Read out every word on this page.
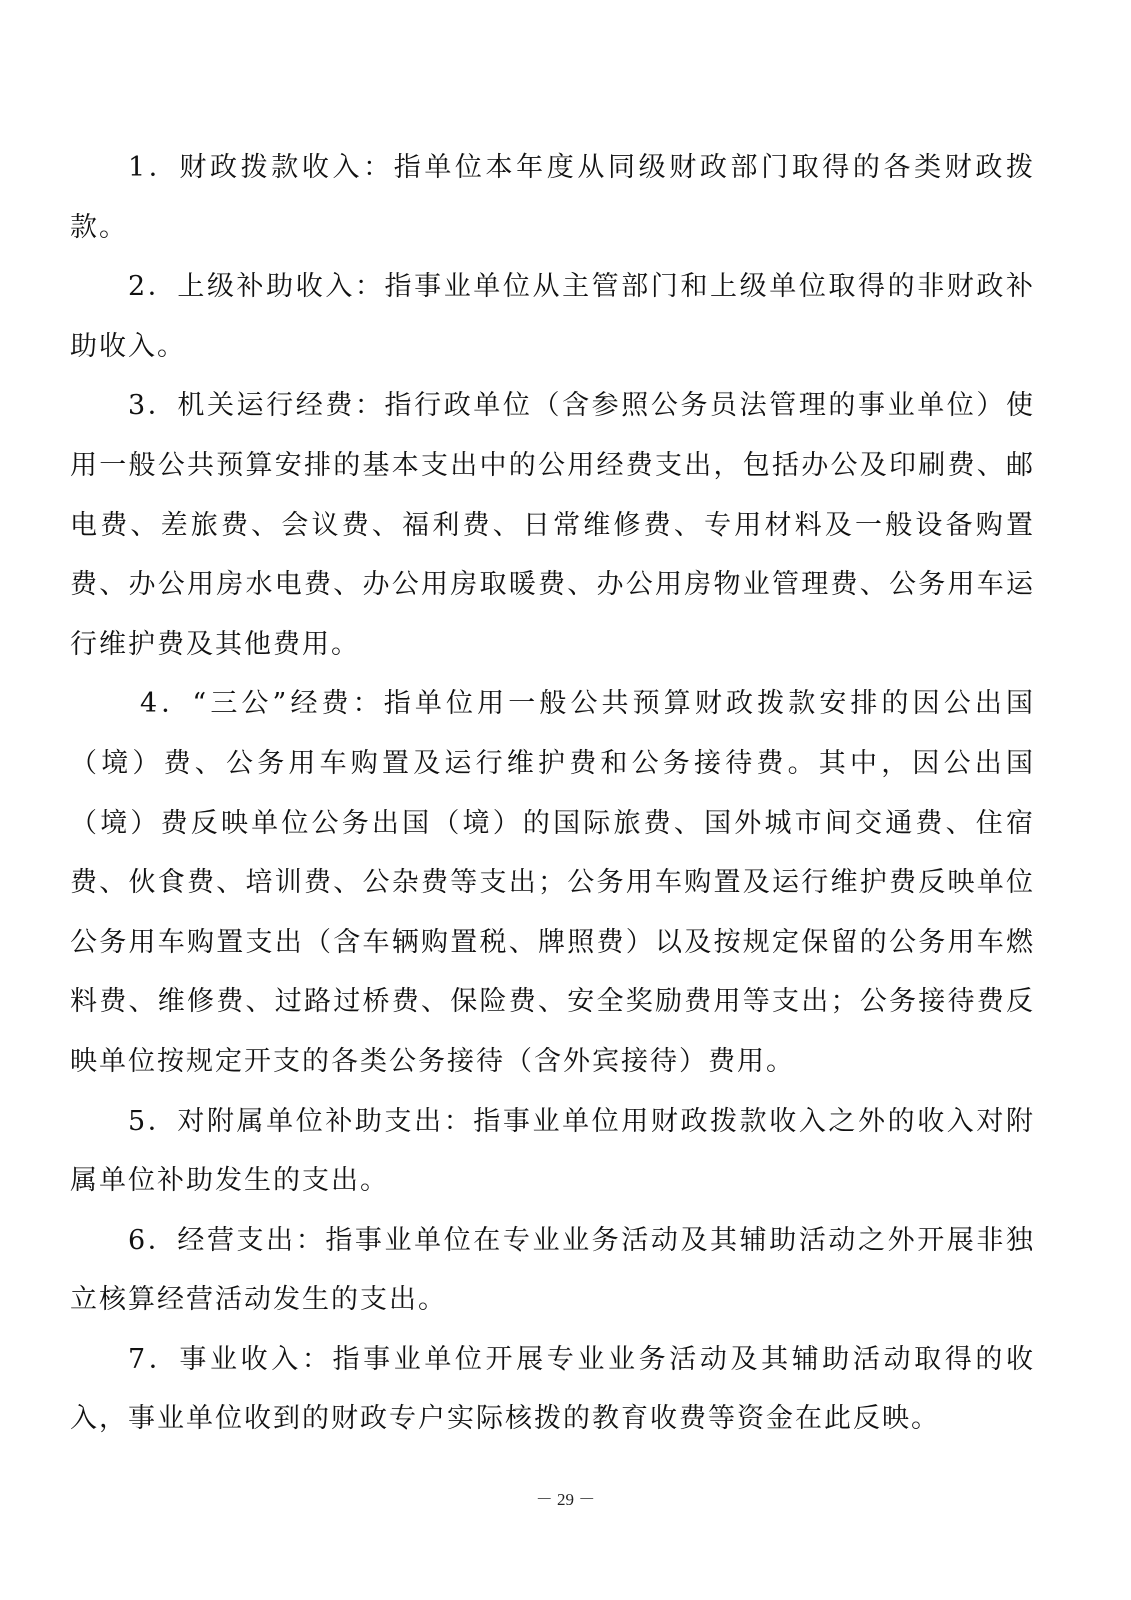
1．财政拨款收入：指单位本年度从同级财政部门取得的各类财政拨款。

2．上级补助收入：指事业单位从主管部门和上级单位取得的非财政补助收入。

3．机关运行经费：指行政单位（含参照公务员法管理的事业单位）使用一般公共预算安排的基本支出中的公用经费支出，包括办公及印刷费、邮电费、差旅费、会议费、福利费、日常维修费、专用材料及一般设备购置费、办公用房水电费、办公用房取暖费、办公用房物业管理费、公务用车运行维护费及其他费用。

4．“三公”经费：指单位用一般公共预算财政拨款安排的因公出国（境）费、公务用车购置及运行维护费和公务接待费。其中，因公出国（境）费反映单位公务出国（境）的国际旅费、国外城市间交通费、住宿费、伙食费、培训费、公杂费等支出；公务用车购置及运行维护费反映单位公务用车购置支出（含车辆购置税、牌照费）以及按规定保留的公务用车燃料费、维修费、过路过桥费、保险费、安全奖励费用等支出；公务接待费反映单位按规定开支的各类公务接待（含外宾接待）费用。

5．对附属单位补助支出：指事业单位用财政拨款收入之外的收入对附属单位补助发生的支出。

6．经营支出：指事业单位在专业业务活动及其辅助活动之外开展非独立核算经营活动发生的支出。

7．事业收入：指事业单位开展专业业务活动及其辅助活动取得的收入，事业单位收到的财政专户实际核拨的教育收费等资金在此反映。

－ 29 －
